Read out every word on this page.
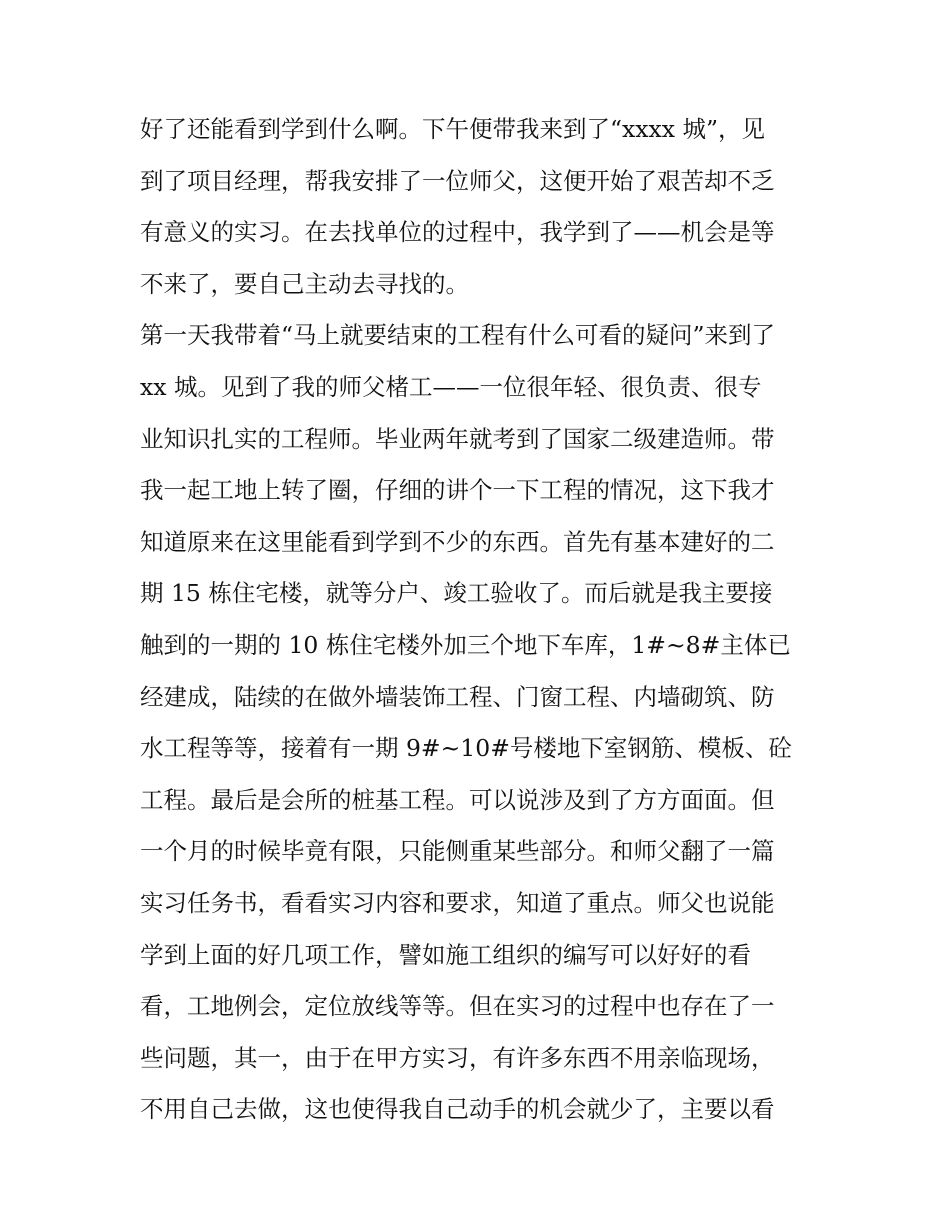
好了还能看到学到什么啊。下午便带我来到了“xxxx 城”，见
到了项目经理，帮我安排了一位师父，这便开始了艰苦却不乏
有意义的实习。在去找单位的过程中，我学到了——机会是等
不来了，要自己主动去寻找的。
第一天我带着“马上就要结束的工程有什么可看的疑问”来到了
xx 城。见到了我的师父楮工——一位很年轻、很负责、很专
业知识扎实的工程师。毕业两年就考到了国家二级建造师。带
我一起工地上转了圈，仔细的讲个一下工程的情况，这下我才
知道原来在这里能看到学到不少的东西。首先有基本建好的二
期 15 栋住宅楼，就等分户、竣工验收了。而后就是我主要接
触到的一期的 10 栋住宅楼外加三个地下车库，1#~8#主体已
经建成，陆续的在做外墙装饰工程、门窗工程、内墙砌筑、防
水工程等等，接着有一期 9#~10#号楼地下室钢筋、模板、砼
工程。最后是会所的桩基工程。可以说涉及到了方方面面。但
一个月的时候毕竟有限，只能侧重某些部分。和师父翻了一篇
实习任务书，看看实习内容和要求，知道了重点。师父也说能
学到上面的好几项工作，譬如施工组织的编写可以好好的看
看，工地例会，定位放线等等。但在实习的过程中也存在了一
些问题，其一，由于在甲方实习，有许多东西不用亲临现场，
不用自己去做，这也使得我自己动手的机会就少了，主要以看
